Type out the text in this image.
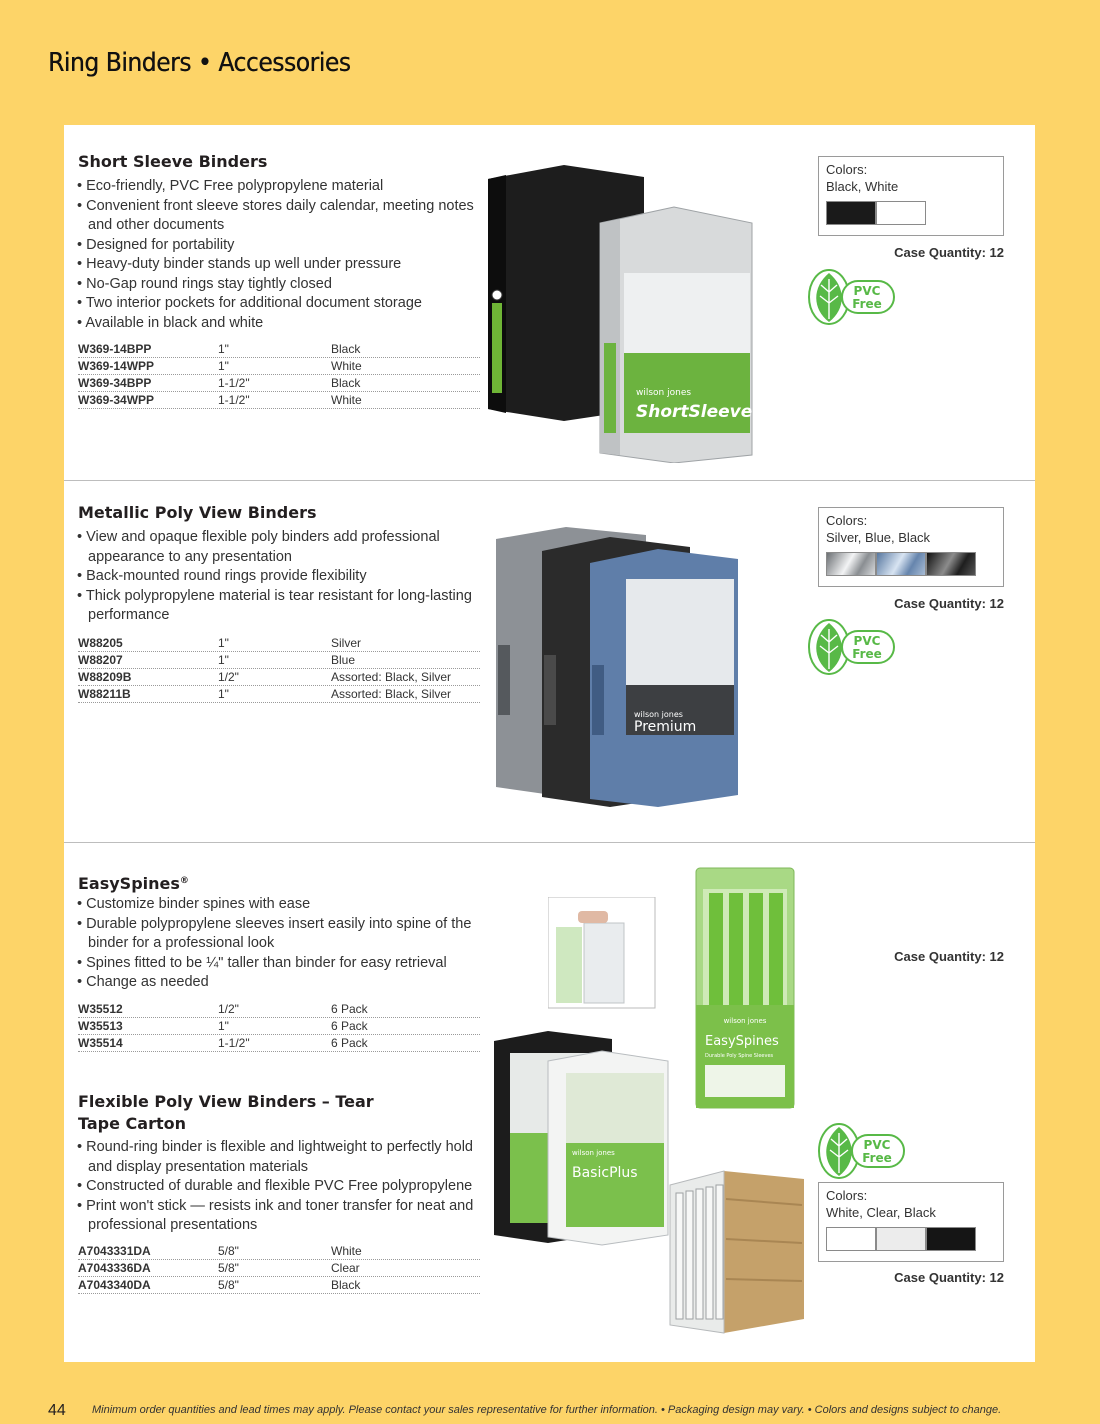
Ring Binders • Accessories
Short Sleeve Binders
• Eco-friendly, PVC Free polypropylene material
• Convenient front sleeve stores daily calendar, meeting notes and other documents
• Designed for portability
• Heavy-duty binder stands up well under pressure
• No-Gap round rings stay tightly closed
• Two interior pockets for additional document storage
• Available in black and white
W369-14BPP	1"	Black
W369-14WPP	1"	White
W369-34BPP	1-1/2"	Black
W369-34WPP	1-1/2"	White	wilson jones
ShortSleeve
Colors:
Black, White
Case Quantity: 12
PVC
Free
Metallic Poly View Binders
• View and opaque flexible poly binders add professional appearance to any presentation
• Back-mounted round rings provide flexibility
• Thick polypropylene material is tear resistant for long-lasting performance
W88205	1"	Silver
W88207	1"	Blue
W88209B	1/2"	Assorted: Black, Silver
W88211B	1"	Assorted: Black, Silver
wilson jones
Premium
Colors:
Silver, Blue, Black
Case Quantity: 12
PVC
Free
EasySpines®
• Customize binder spines with ease
• Durable polypropylene sleeves insert easily into spine of the binder for a professional look
• Spines fitted to be ¼" taller than binder for easy retrieval
• Change as needed
W35512	1/2"	6 Pack
W35513	1"	6 Pack
W35514	1-1/2"	6 Pack
wilson jones
EasySpines
Durable Poly Spine Sleeves
Case Quantity: 12
Flexible Poly View Binders – Tear Tape Carton
• Round-ring binder is flexible and lightweight to perfectly hold and display presentation materials
• Constructed of durable and flexible PVC Free polypropylene
• Print won't stick — resists ink and toner transfer for neat and professional presentations
A7043331DA	5/8"	White
A7043336DA	5/8"	Clear
A7043340DA	5/8"	Black
wilson jones
BasicPlus
PVC
Free
Colors:
White, Clear, Black
Case Quantity: 12
44 Minimum order quantities and lead times may apply. Please contact your sales representative for further information. • Packaging design may vary. • Colors and designs subject to change.
